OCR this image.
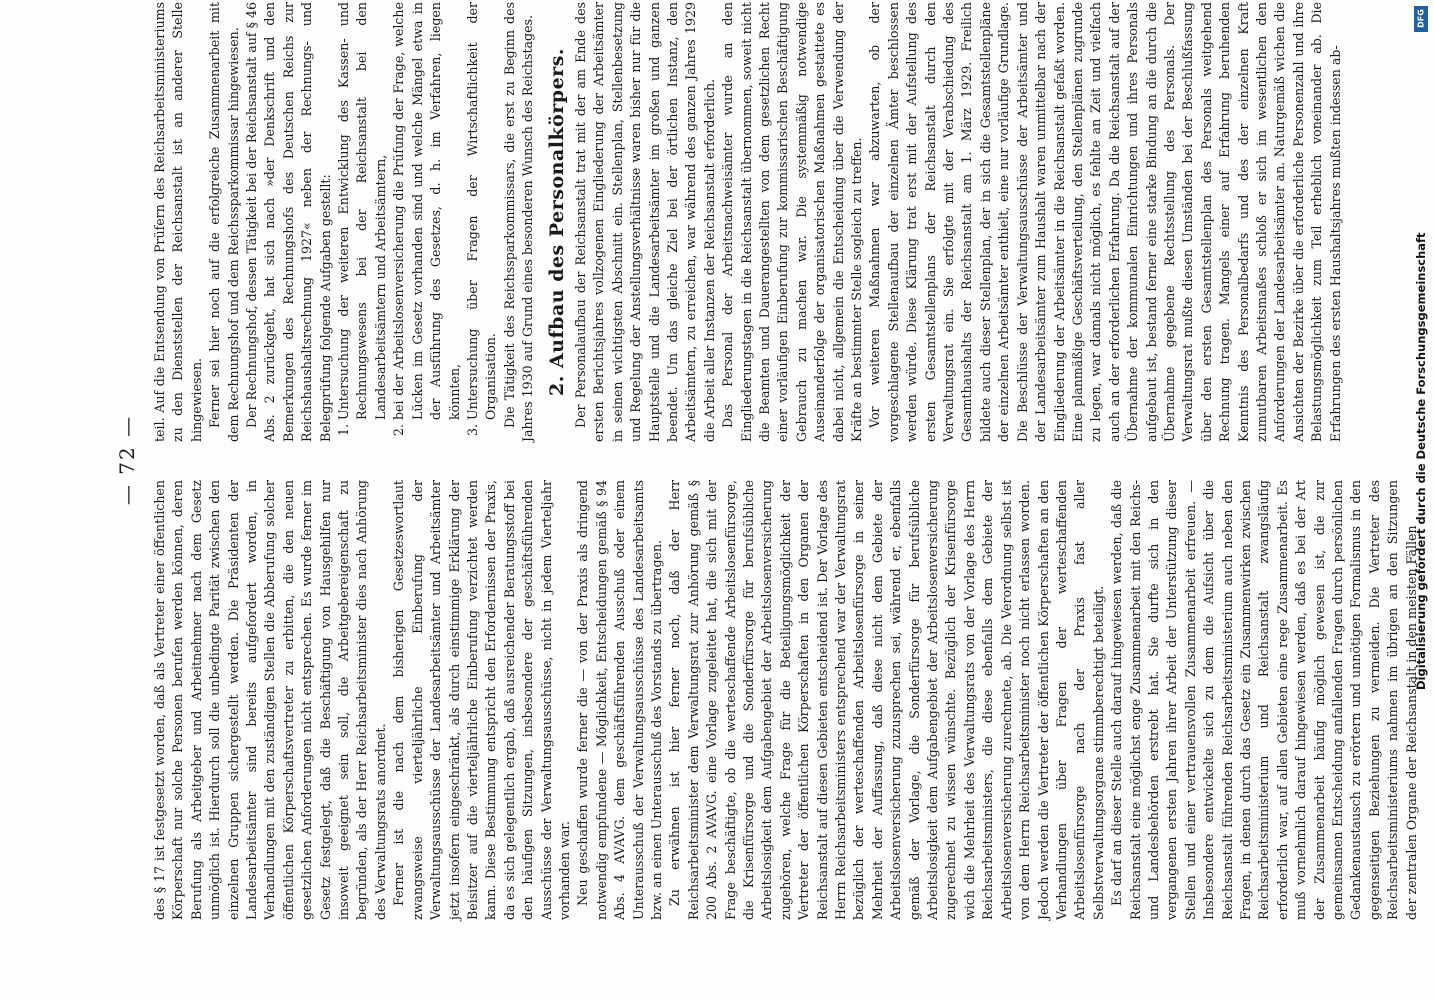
— 72 —

des § 17 ist festgesetzt worden, daß als Vertreter einer öffentlichen Körperschaft nur solche Personen berufen werden können, deren Berufung als Arbeitgeber und Arbeitnehmer nach dem Gesetz unmöglich ist. Hierdurch soll die unbedingte Parität zwischen den einzelnen Gruppen sichergestellt werden. Die Präsidenten der Landesarbeitsämter sind bereits aufgefordert worden, in Verhandlungen mit den zuständigen Stellen die Abberufung solcher öffentlichen Körperschaftsvertreter zu erbitten, die den neuen gesetzlichen Anforderungen nicht entsprechen. Es wurde ferner im Gesetz festgelegt, daß die Beschäftigung von Hausgehilfen nur insoweit geeignet sein soll, die Arbeitgebereigenschaft zu begründen, als der Herr Reichsarbeitsminister dies nach Anhörung des Verwaltungsrats anordnet. Ferner ist die nach dem bisherigen Gesetzeswortlaut zwangsweise vierteljährliche Einberufung der Verwaltungsausschüsse der Landesarbeitsämter und Arbeitsämter jetzt insofern eingeschränkt, als durch einstimmige Erklärung der Beisitzer auf die vierteljährliche Einberufung verzichtet werden kann. Diese Bestimmung entspricht den Erfordernissen der Praxis, da es sich gelegentlich ergab, daß ausreichender Beratungsstoff bei den häufigen Sitzungen, insbesondere der geschäftsführenden Ausschüsse der Verwaltungsausschüsse, nicht in jedem Vierteljahr vorhanden war. Neu geschaffen wurde ferner die — von der Praxis als dringend notwendig empfundene — Möglichkeit, Entscheidungen gemäß § 94 Abs. 4 AVAVG. dem geschäftsführenden Ausschuß oder einem Unterausschuß der Verwaltungsausschüsse des Landesarbeitsamts bzw. an einen Unterausschuß des Vorstands zu übertragen. Zu erwähnen ist hier ferner noch, daß der Herr Reichsarbeitsminister dem Verwaltungsrat zur Anhörung gemäß § 200 Abs. 2 AVAVG. eine Vorlage zugeleitet hat, die sich mit der Frage beschäftigte, ob die werteschaffende Arbeitslosenfürsorge, die Krisenfürsorge und die Sonderfürsorge für berufsübliche Arbeitslosigkeit dem Aufgabengebiet der Arbeitslosenversicherung zugehören, welche Frage für die Beteiligungsmöglichkeit der Vertreter der öffentlichen Körperschaften in den Organen der Reichsanstalt auf diesen Gebieten entscheidend ist. Der Vorlage des Herrn Reichsarbeitsministers entsprechend war der Verwaltungsrat bezüglich der werteschaffenden Arbeitslosenfürsorge in seiner Mehrheit der Auffassung, daß diese nicht dem Gebiete der Arbeitslosenversicherung zuzusprechen sei, während er, ebenfalls gemäß der Vorlage, die Sonderfürsorge für berufsübliche Arbeitslosigkeit dem Aufgabengebiet der Arbeitslosenversicherung zugerechnet zu wissen wünschte. Bezüglich der Krisenfürsorge wich die Mehrheit des Verwaltungsrats von der Vorlage des Herrn Reichsarbeitsministers, die diese ebenfalls dem Gebiete der Arbeitslosenversicherung zurechnete, ab. Die Verordnung selbst ist von dem Herrn Reichsarbeitsminister noch nicht erlassen worden. Jedoch werden die Vertreter der öffentlichen Körperschaften an den Verhandlungen über Fragen der werteschaffenden Arbeitslosenfürsorge nach der Praxis fast aller Selbstverwaltungsorgane stimmberechtigt beteiligt. Es darf an dieser Stelle auch darauf hingewiesen werden, daß die Reichsanstalt eine möglichst enge Zusammenarbeit mit den Reichs- und Landesbehörden erstrebt hat. Sie durfte sich in den vergangenen ersten Jahren ihrer Arbeit der Unterstützung dieser Stellen und einer vertrauensvollen Zusammenarbeit erfreuen. — Insbesondere entwickelte sich zu dem die Aufsicht über die Reichsanstalt führenden Reichsarbeitsministerium auch neben den Fragen, in denen durch das Gesetz ein Zusammenwirken zwischen Reichsarbeitsministerium und Reichsanstalt zwangsläufig erforderlich war, auf allen Gebieten eine rege Zusammenarbeit. Es muß vornehmlich darauf hingewiesen werden, daß es bei der Art der Zusammenarbeit häufig möglich gewesen ist, die zur gemeinsamen Entscheidung anfallenden Fragen durch persönlichen Gedankenaustausch zu erörtern und unnötigen Formalismus in den gegenseitigen Beziehungen zu vermeiden. Die Vertreter des Reichsarbeitsministeriums nahmen im übrigen an den Sitzungen der zentralen Organe der Reichsanstalt in den meisten Fällen

teil. Auf die Entsendung von Prüfern des Reichsarbeitsministeriums zu den Dienststellen der Reichsanstalt ist an anderer Stelle hingewiesen. Ferner sei hier noch auf die erfolgreiche Zusammenarbeit mit dem Rechnungshof und dem Reichssparkommissar hingewiesen. Der Rechnungshof, dessen Tätigkeit bei der Reichsanstalt auf § 46 Abs. 2 zurückgeht, hat sich nach »der Denkschrift und den Bemerkungen des Rechnungshofs des Deutschen Reichs zur Reichshaushaltsrechnung 1927« neben der Rechnungs- und Belegprüfung folgende Aufgaben gestellt: 1. Untersuchung der weiteren Entwicklung des Kassen- und Rechnungswesens bei der Reichsanstalt bei den Landesarbeitsämtern und Arbeitsämtern, 2. bei der Arbeitslosenversicherung die Prüfung der Frage, welche Lücken im Gesetz vorhanden sind und welche Mängel etwa in der Ausführung des Gesetzes, d. h. im Verfahren, liegen könnten, 3. Untersuchung über Fragen der Wirtschaftlichkeit der Organisation. Die Tätigkeit des Reichssparkommissars, die erst zu Beginn des Jahres 1930 auf Grund eines besonderen Wunsch des Reichstages. 2. Aufbau des Personalkörpers. Der Personalaufbau der Reichsanstalt trat mit der am Ende des ersten Berichtsjahres vollzogenen Eingliederung der Arbeitsämter in seinen wichtigsten Abschnitt ein. Stellenplan, Stellenbesetzung und Regelung der Anstellungsverhältnisse waren bisher nur für die Hauptstelle und die Landesarbeitsämter im großen und ganzen beendet. Um das gleiche Ziel bei der örtlichen Instanz, den Arbeitsämtern, zu erreichen, war während des ganzen Jahres 1929 die Arbeit aller Instanzen der Reichsanstalt erforderlich. Das Personal der Arbeitsnachweisämter wurde an den Eingliederungstagen in die Reichsanstalt übernommen, soweit nicht die Beamten und Dauerangestellten von dem gesetzlichen Recht einer vorläufigen Einberufung zur kommissarischen Beschäftigung Gebrauch zu machen war. Die systemmäßig notwendige Auseinanderfolge der organisatorischen Maßnahmen gestattete es dabei nicht, allgemein die Entscheidung über die Verwendung der Kräfte an bestimmter Stelle sogleich zu treffen. Vor weiteren Maßnahmen war abzuwarten, ob der vorgeschlagene Stellenaufbau der einzelnen Ämter beschlossen werden würde. Diese Klärung trat erst mit der Aufstellung des ersten Gesamtstellenplans der Reichsanstalt durch den Verwaltungsrat ein. Sie erfolgte mit der Verabschiedung des Gesamthaushalts der Reichsanstalt am 1. März 1929. Freilich bildete auch dieser Stellenplan, der in sich die Gesamtstellenpläne der einzelnen Arbeitsämter enthielt, eine nur vorläufige Grundlage. Die Beschlüsse der Verwaltungsausschüsse der Arbeitsämter und der Landesarbeitsämter zum Haushalt waren unmittelbar nach der Eingliederung der Arbeitsämter in die Reichsanstalt gefaßt worden. Eine planmäßige Geschäftsverteilung, den Stellenplänen zugrunde zu legen, war damals nicht möglich, es fehlte an Zeit und vielfach auch an der erforderlichen Erfahrung. Da die Reichsanstalt auf der Übernahme der kommunalen Einrichtungen und ihres Personals aufgebaut ist, bestand ferner eine starke Bindung an die durch die Übernahme gegebene Rechtsstellung des Personals. Der Verwaltungsrat mußte diesen Umständen bei der Beschlußfassung über den ersten Gesamtstellenplan des Personals weitgehend Rechnung tragen. Mangels einer auf Erfahrung beruhenden Kenntnis des Personalbedarfs und des der einzelnen Kraft zumutbaren Arbeitsmaßes schloß er sich im wesentlichen den Anforderungen der Landesarbeitsämter an. Naturgemäß wichen die Ansichten der Bezirke über die erforderliche Personenzahl und ihre Belastungsmöglichkeit zum Teil erheblich voneinander ab. Die Erfahrungen des ersten Haushaltsjahres mußten indessen ab-

DFG
Digitalisierung gefördert durch die Deutsche Forschungsgemeinschaft
